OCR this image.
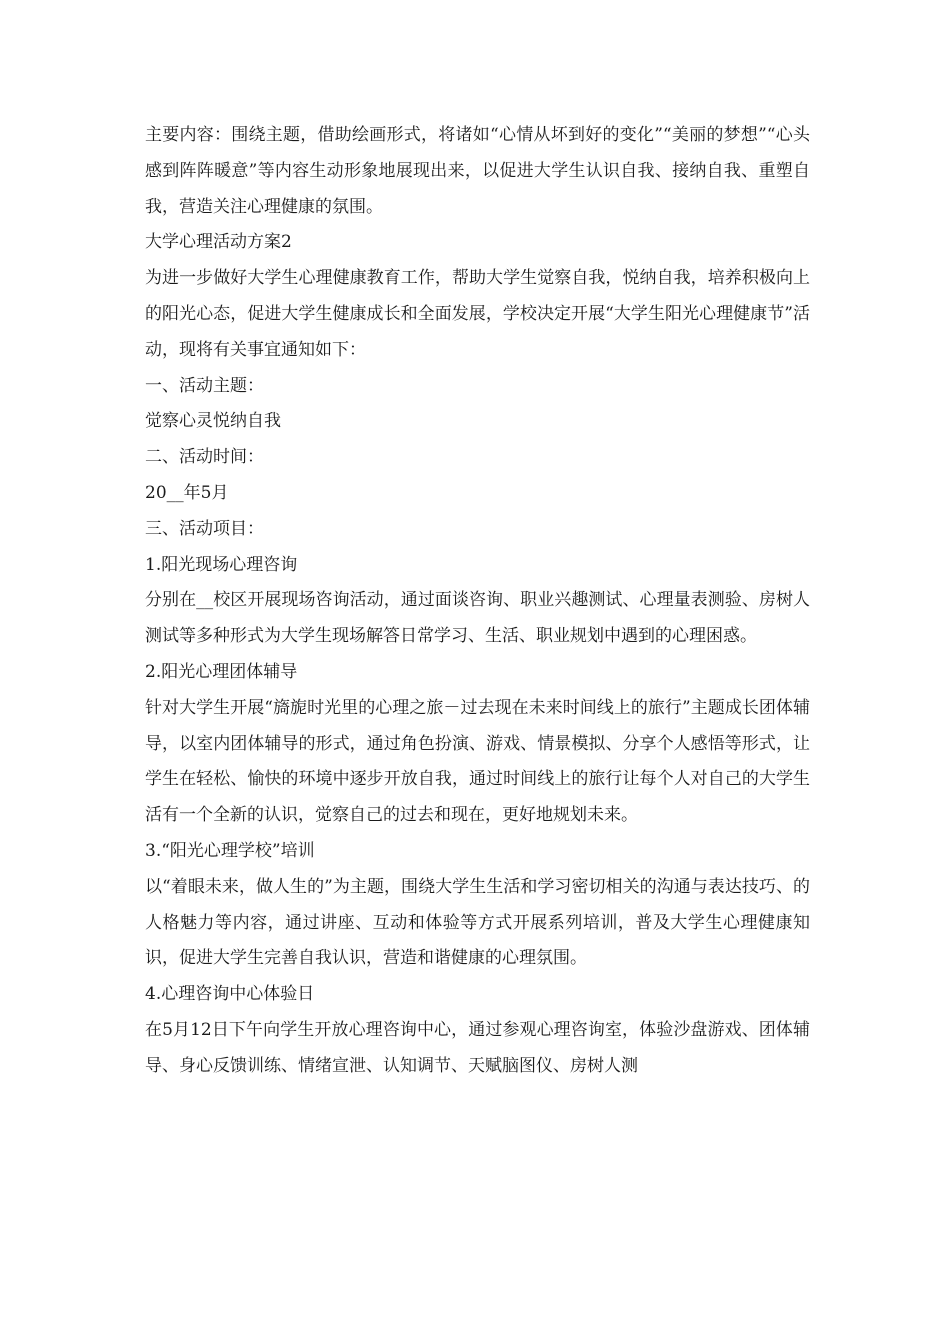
主要内容：围绕主题，借助绘画形式，将诸如“心情从坏到好的变化”“美丽的梦想”“心头感到阵阵暖意”等内容生动形象地展现出来，以促进大学生认识自我、接纳自我、重塑自我，营造关注心理健康的氛围。

大学心理活动方案2

为进一步做好大学生心理健康教育工作，帮助大学生觉察自我，悦纳自我，培养积极向上的阳光心态，促进大学生健康成长和全面发展，学校决定开展“大学生阳光心理健康节”活动，现将有关事宜通知如下：

一、活动主题：

觉察心灵悦纳自我

二、活动时间：

20__年5月

三、活动项目：

1.阳光现场心理咨询

分别在__校区开展现场咨询活动，通过面谈咨询、职业兴趣测试、心理量表测验、房树人测试等多种形式为大学生现场解答日常学习、生活、职业规划中遇到的心理困惑。

2.阳光心理团体辅导

针对大学生开展“旖旎时光里的心理之旅－过去现在未来时间线上的旅行”主题成长团体辅导，以室内团体辅导的形式，通过角色扮演、游戏、情景模拟、分享个人感悟等形式，让学生在轻松、愉快的环境中逐步开放自我，通过时间线上的旅行让每个人对自己的大学生活有一个全新的认识，觉察自己的过去和现在，更好地规划未来。

3.“阳光心理学校”培训

以“着眼未来，做人生的”为主题，围绕大学生生活和学习密切相关的沟通与表达技巧、的人格魅力等内容，通过讲座、互动和体验等方式开展系列培训，普及大学生心理健康知识，促进大学生完善自我认识，营造和谐健康的心理氛围。

4.心理咨询中心体验日

在5月12日下午向学生开放心理咨询中心，通过参观心理咨询室，体验沙盘游戏、团体辅导、身心反馈训练、情绪宣泄、认知调节、天赋脑图仪、房树人测
